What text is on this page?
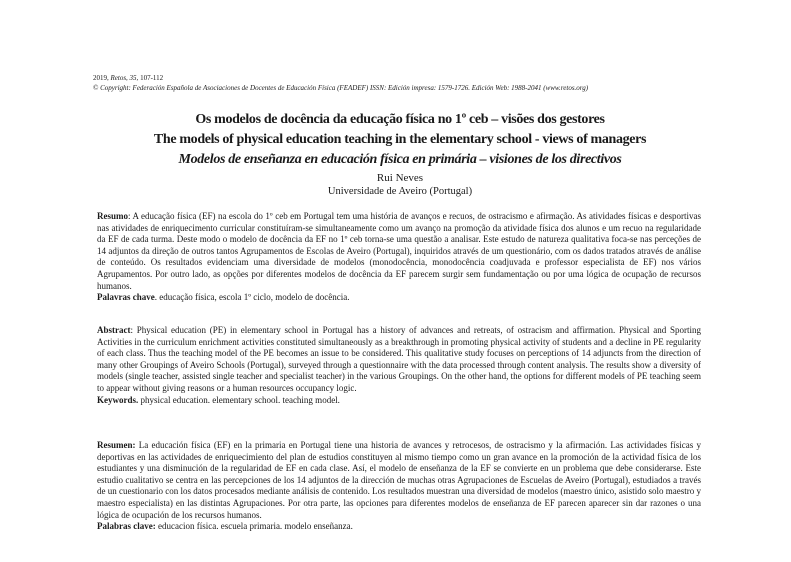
2019, Retos, 35, 107-112
© Copyright: Federación Española de Asociaciones de Docentes de Educación Física (FEADEF) ISSN: Edición impresa: 1579-1726. Edición Web: 1988-2041 (www.retos.org)
Os modelos de docência da educação física no 1º ceb – visões dos gestores
The models of physical education teaching in the elementary school - views of managers
Modelos de enseñanza en educación física en primária – visiones de los directivos
Rui Neves
Universidade de Aveiro (Portugal)
Resumo: A educação física (EF) na escola do 1º ceb em Portugal tem uma história de avanços e recuos, de ostracismo e afirmação. As atividades físicas e desportivas nas atividades de enriquecimento curricular constituíram-se simultaneamente como um avanço na promoção da atividade física dos alunos e um recuo na regularidade da EF de cada turma. Deste modo o modelo de docência da EF no 1º ceb torna-se uma questão a analisar. Este estudo de natureza qualitativa foca-se nas perceções de 14 adjuntos da direção de outros tantos Agrupamentos de Escolas de Aveiro (Portugal), inquiridos através de um questionário, com os dados tratados através de análise de conteúdo. Os resultados evidenciam uma diversidade de modelos (monodocência, monodocência coadjuvada e professor especialista de EF) nos vários Agrupamentos. Por outro lado, as opções por diferentes modelos de docência da EF parecem surgir sem fundamentação ou por uma lógica de ocupação de recursos humanos.
Palavras chave. educação física, escola 1º ciclo, modelo de docência.
Abstract: Physical education (PE) in elementary school in Portugal has a history of advances and retreats, of ostracism and affirmation. Physical and Sporting Activities in the curriculum enrichment activities constituted simultaneously as a breakthrough in promoting physical activity of students and a decline in PE regularity of each class. Thus the teaching model of the PE becomes an issue to be considered. This qualitative study focuses on perceptions of 14 adjuncts from the direction of many other Groupings of Aveiro Schools (Portugal), surveyed through a questionnaire with the data processed through content analysis. The results show a diversity of models (single teacher, assisted single teacher and specialist teacher) in the various Groupings. On the other hand, the options for different models of PE teaching seem to appear without giving reasons or a human resources occupancy logic.
Keywords. physical education. elementary school. teaching model.
Resumen: La educación física (EF) en la primaria en Portugal tiene una historia de avances y retrocesos, de ostracismo y la afirmación. Las actividades físicas y deportivas en las actividades de enriquecimiento del plan de estudios constituyen al mismo tiempo como un gran avance en la promoción de la actividad física de los estudiantes y una disminución de la regularidad de EF en cada clase. Así, el modelo de enseñanza de la EF se convierte en un problema que debe considerarse. Este estudio cualitativo se centra en las percepciones de los 14 adjuntos de la dirección de muchas otras Agrupaciones de Escuelas de Aveiro (Portugal), estudiados a través de un cuestionario con los datos procesados mediante análisis de contenido. Los resultados muestran una diversidad de modelos (maestro único, asistido solo maestro y maestro especialista) en las distintas Agrupaciones. Por otra parte, las opciones para diferentes modelos de enseñanza de EF parecen aparecer sin dar razones o una lógica de ocupación de los recursos humanos.
Palabras clave: educacion física. escuela primaria. modelo enseñanza.
